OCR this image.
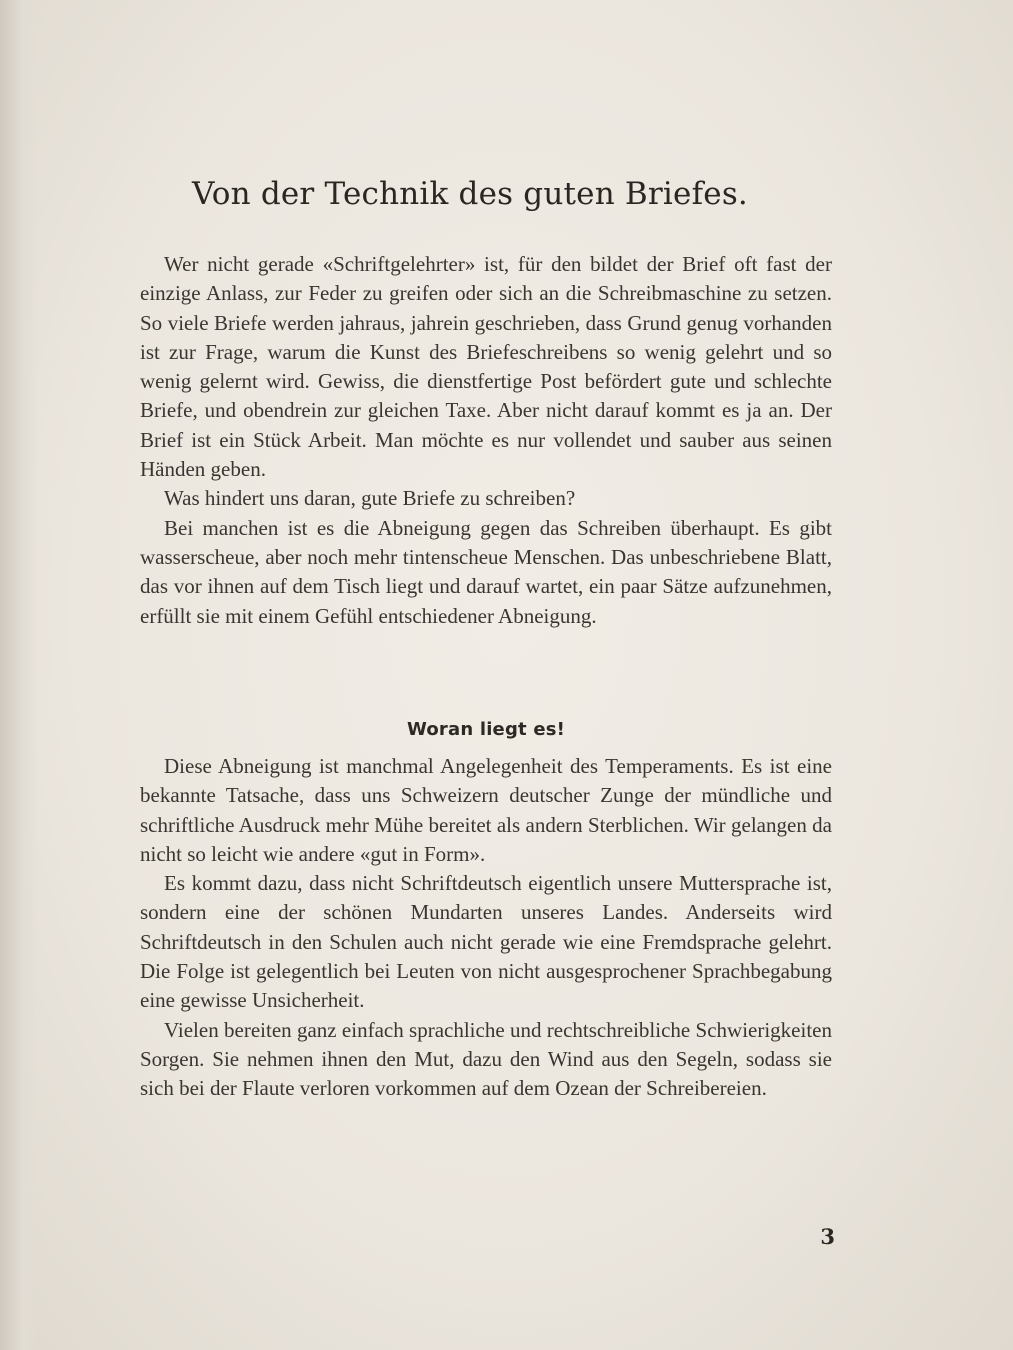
Von der Technik des guten Briefes.

Wer nicht gerade «Schriftgelehrter» ist, für den bildet der Brief oft fast der einzige Anlass, zur Feder zu greifen oder sich an die Schreibmaschine zu setzen. So viele Briefe werden jahraus, jahrein geschrieben, dass Grund genug vorhanden ist zur Frage, warum die Kunst des Briefeschreibens so wenig gelehrt und so wenig gelernt wird. Gewiss, die dienstfertige Post befördert gute und schlechte Briefe, und obendrein zur gleichen Taxe. Aber nicht darauf kommt es ja an. Der Brief ist ein Stück Arbeit. Man möchte es nur vollendet und sauber aus seinen Händen geben.

Was hindert uns daran, gute Briefe zu schreiben?

Bei manchen ist es die Abneigung gegen das Schreiben überhaupt. Es gibt wasserscheue, aber noch mehr tintenscheue Menschen. Das unbeschriebene Blatt, das vor ihnen auf dem Tisch liegt und darauf wartet, ein paar Sätze aufzunehmen, erfüllt sie mit einem Gefühl entschiedener Abneigung.

Woran liegt es!

Diese Abneigung ist manchmal Angelegenheit des Temperaments. Es ist eine bekannte Tatsache, dass uns Schweizern deutscher Zunge der mündliche und schriftliche Ausdruck mehr Mühe bereitet als andern Sterblichen. Wir gelangen da nicht so leicht wie andere «gut in Form».

Es kommt dazu, dass nicht Schriftdeutsch eigentlich unsere Muttersprache ist, sondern eine der schönen Mundarten unseres Landes. Anderseits wird Schriftdeutsch in den Schulen auch nicht gerade wie eine Fremdsprache gelehrt. Die Folge ist gelegentlich bei Leuten von nicht ausgesprochener Sprachbegabung eine gewisse Unsicherheit.

Vielen bereiten ganz einfach sprachliche und rechtschreibliche Schwierigkeiten Sorgen. Sie nehmen ihnen den Mut, dazu den Wind aus den Segeln, sodass sie sich bei der Flaute verloren vorkommen auf dem Ozean der Schreibereien.

3
